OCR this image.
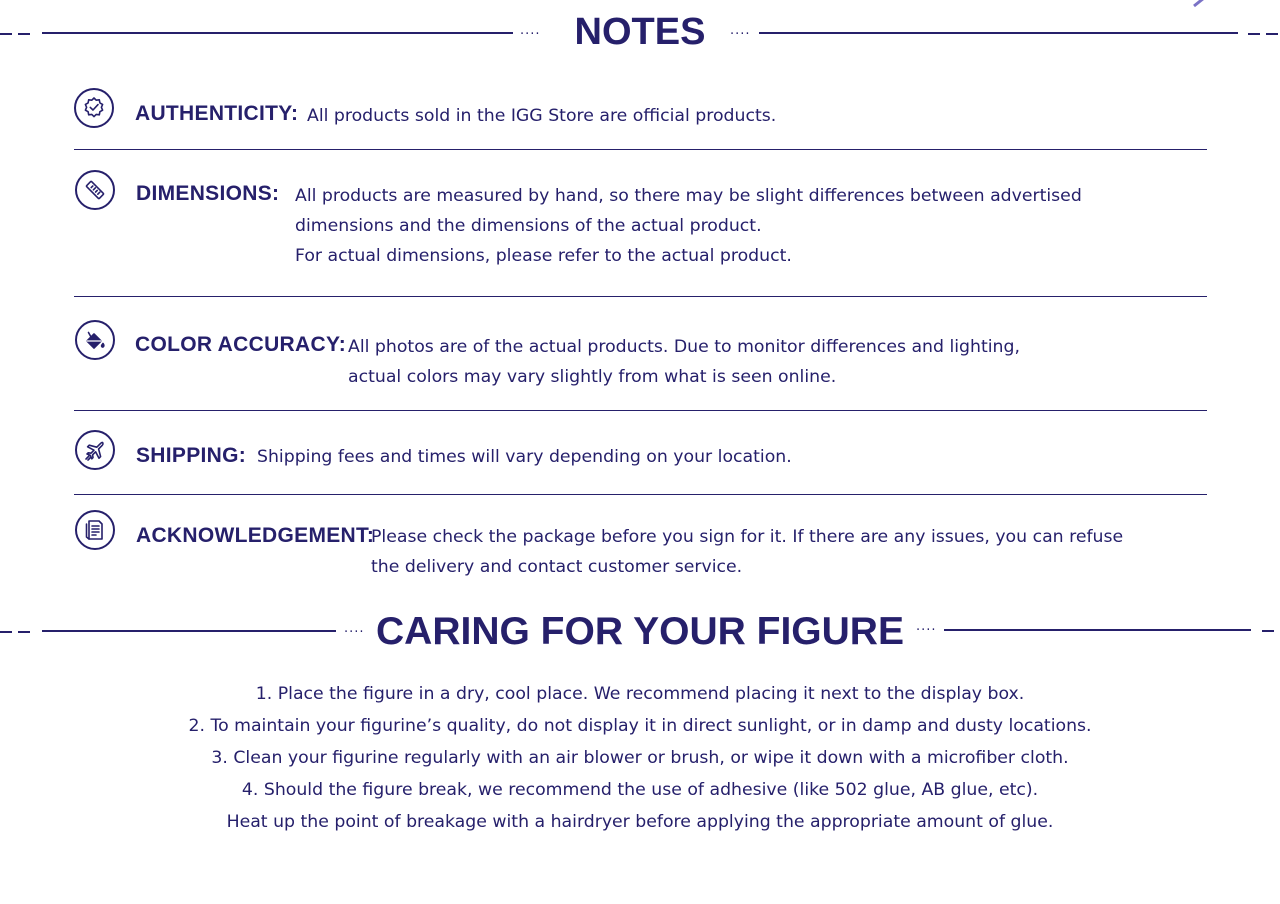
.... NOTES	....
AUTHENTICITY: All products sold in the IGG Store are official products.
DIMENSIONS: All products are measured by hand, so there may be slight differences between advertised
dimensions and the dimensions of the actual product.
For actual dimensions, please refer to the actual product.
COLOR ACCURACY: All photos are of the actual products. Due to monitor differences and lighting,
actual colors may vary slightly from what is seen online.
SHIPPING: Shipping fees and times will vary depending on your location.
ACKNOWLEDGEMENT:
Please check the package before you sign for it. If there are any issues, you can refuse
the delivery and contact customer service.
.... CARING FOR YOUR FIGURE ....
1. Place the figure in a dry, cool place. We recommend placing it next to the display box.
2. To maintain your figurine’s quality, do not display it in direct sunlight, or in damp and dusty locations.
3. Clean your figurine regularly with an air blower or brush, or wipe it down with a microfiber cloth.
4. Should the figure break, we recommend the use of adhesive (like 502 glue, AB glue, etc).
Heat up the point of breakage with a hairdryer before applying the appropriate amount of glue.
